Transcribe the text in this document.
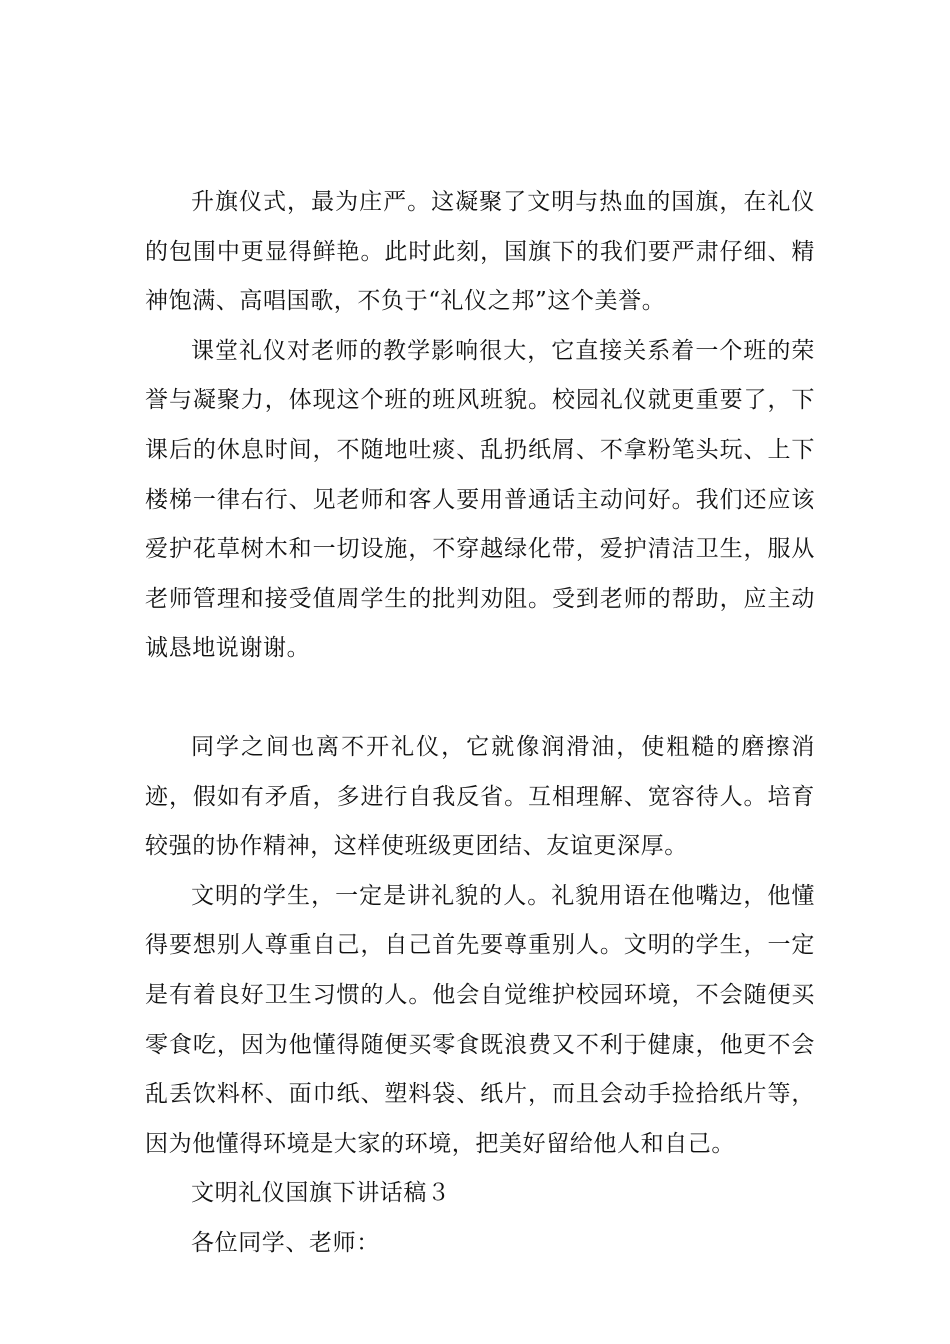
升旗仪式，最为庄严。这凝聚了文明与热血的国旗，在礼仪的包围中更显得鲜艳。此时此刻，国旗下的我们要严肃仔细、精神饱满、高唱国歌，不负于“礼仪之邦”这个美誉。

课堂礼仪对老师的教学影响很大，它直接关系着一个班的荣誉与凝聚力，体现这个班的班风班貌。校园礼仪就更重要了，下课后的休息时间，不随地吐痰、乱扔纸屑、不拿粉笔头玩、上下楼梯一律右行、见老师和客人要用普通话主动问好。我们还应该爱护花草树木和一切设施，不穿越绿化带，爱护清洁卫生，服从老师管理和接受值周学生的批判劝阻。受到老师的帮助，应主动诚恳地说谢谢。

同学之间也离不开礼仪，它就像润滑油，使粗糙的磨擦消迹，假如有矛盾，多进行自我反省。互相理解、宽容待人。培育较强的协作精神，这样使班级更团结、友谊更深厚。

文明的学生，一定是讲礼貌的人。礼貌用语在他嘴边，他懂得要想别人尊重自己，自己首先要尊重别人。文明的学生，一定是有着良好卫生习惯的人。他会自觉维护校园环境，不会随便买零食吃，因为他懂得随便买零食既浪费又不利于健康，他更不会乱丢饮料杯、面巾纸、塑料袋、纸片，而且会动手捡拾纸片等，因为他懂得环境是大家的环境，把美好留给他人和自己。

文明礼仪国旗下讲话稿３

各位同学、老师：
